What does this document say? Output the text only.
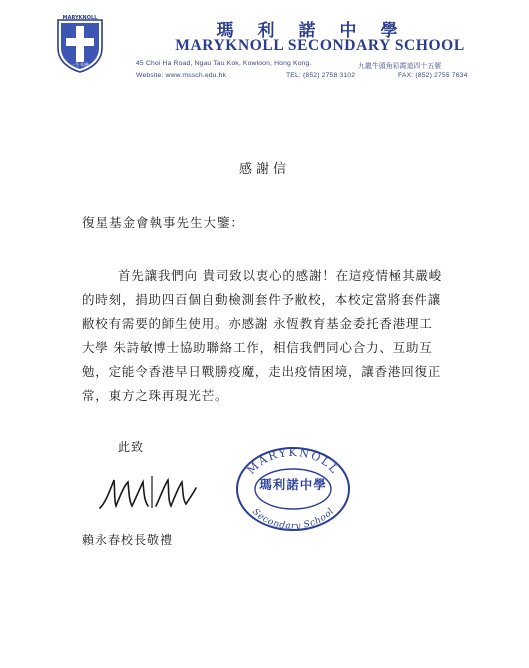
MARYKNOLL
一生·知善
瑪利諾中學
MARYKNOLL SECONDARY SCHOOL
45 Choi Ha Road, Ngau Tau Kok, Kowloon, Hong Kong.	九龍牛頭角彩霞道四十五號
Website: www.mssch.edu.hk	TEL: (852) 2758 3102	FAX: (852) 2755 7634
感謝信
復星基金會執事先生大鑒：
首先讓我們向 貴司致以衷心的感謝！在這疫情極其嚴峻
的時刻，捐助四百個自動檢測套件予敝校，本校定當將套件讓
敝校有需要的師生使用。亦感謝 永恆教育基金委托香港理工
大學 朱詩敏博士協助聯絡工作，相信我們同心合力、互助互
勉，定能令香港早日戰勝疫魔，走出疫情困境，讓香港回復正
常，東方之珠再現光芒。
此致
賴永春校長敬禮
MARYKNOLL
Secondary School
瑪利諾中學
